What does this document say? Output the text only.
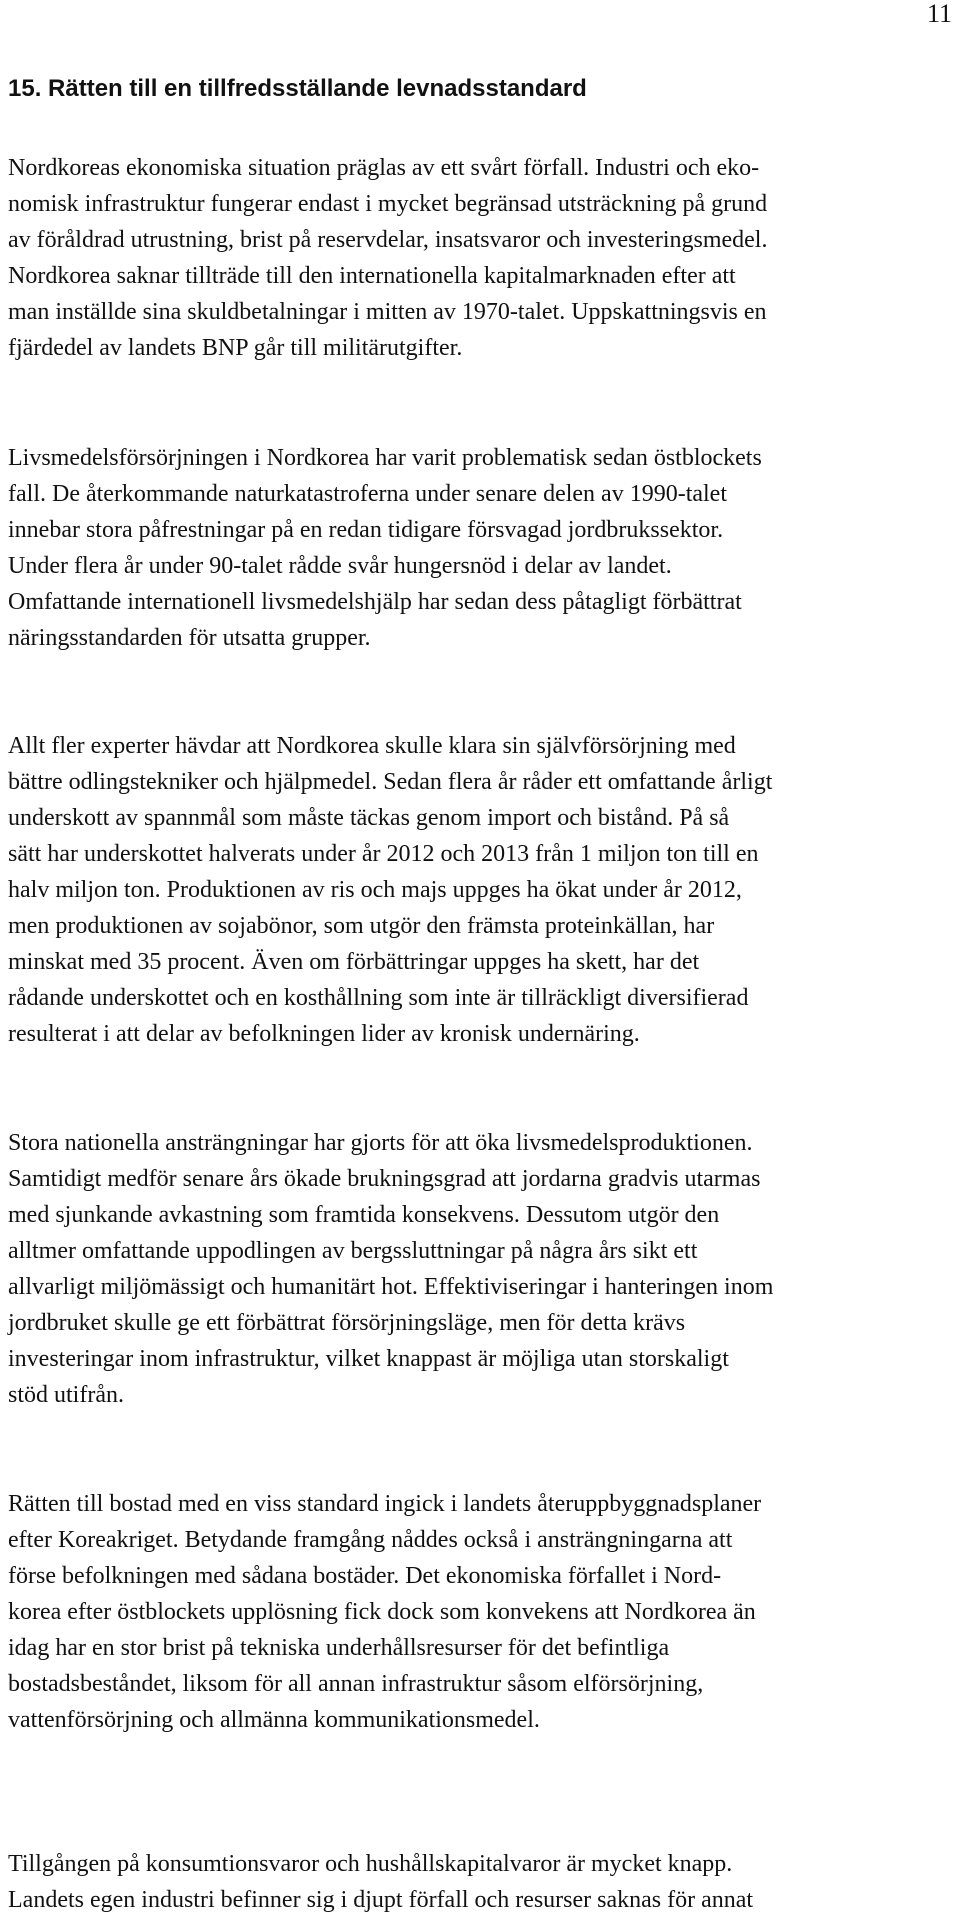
11
15. Rätten till en tillfredsställande levnadsstandard

Nordkoreas ekonomiska situation präglas av ett svårt förfall. Industri och eko-
nomisk infrastruktur fungerar endast i mycket begränsad utsträckning på grund
av föråldrad utrustning, brist på reservdelar, insatsvaror och investeringsmedel.
Nordkorea saknar tillträde till den internationella kapitalmarknaden efter att
man inställde sina skuldbetalningar i mitten av 1970-talet. Uppskattningsvis en
fjärdedel av landets BNP går till militärutgifter.

Livsmedelsförsörjningen i Nordkorea har varit problematisk sedan östblockets
fall. De återkommande naturkatastroferna under senare delen av 1990-talet
innebar stora påfrestningar på en redan tidigare försvagad jordbrukssektor.
Under flera år under 90-talet rådde svår hungersnöd i delar av landet.
Omfattande internationell livsmedelshjälp har sedan dess påtagligt förbättrat
näringsstandarden för utsatta grupper.

Allt fler experter hävdar att Nordkorea skulle klara sin självförsörjning med
bättre odlingstekniker och hjälpmedel. Sedan flera år råder ett omfattande årligt
underskott av spannmål som måste täckas genom import och bistånd. På så
sätt har underskottet halverats under år 2012 och 2013 från 1 miljon ton till en
halv miljon ton. Produktionen av ris och majs uppges ha ökat under år 2012,
men produktionen av sojabönor, som utgör den främsta proteinkällan, har
minskat med 35 procent. Även om förbättringar uppges ha skett, har det
rådande underskottet och en kosthållning som inte är tillräckligt diversifierad
resulterat i att delar av befolkningen lider av kronisk undernäring.

Stora nationella ansträngningar har gjorts för att öka livsmedelsproduktionen.
Samtidigt medför senare års ökade brukningsgrad att jordarna gradvis utarmas
med sjunkande avkastning som framtida konsekvens. Dessutom utgör den
alltmer omfattande uppodlingen av bergssluttningar på några års sikt ett
allvarligt miljömässigt och humanitärt hot. Effektiviseringar i hanteringen inom
jordbruket skulle ge ett förbättrat försörjningsläge, men för detta krävs
investeringar inom infrastruktur, vilket knappast är möjliga utan storskaligt
stöd utifrån.

Rätten till bostad med en viss standard ingick i landets återuppbyggnadsplaner
efter Koreakriget. Betydande framgång nåddes också i ansträngningarna att
förse befolkningen med sådana bostäder. Det ekonomiska förfallet i Nord-
korea efter östblockets upplösning fick dock som konvekens att Nordkorea än
idag har en stor brist på tekniska underhållsresurser för det befintliga
bostadsbeståndet, liksom för all annan infrastruktur såsom elförsörjning,
vattenförsörjning och allmänna kommunikationsmedel.

Tillgången på konsumtionsvaror och hushållskapitalvaror är mycket knapp.
Landets egen industri befinner sig i djupt förfall och resurser saknas för annat
